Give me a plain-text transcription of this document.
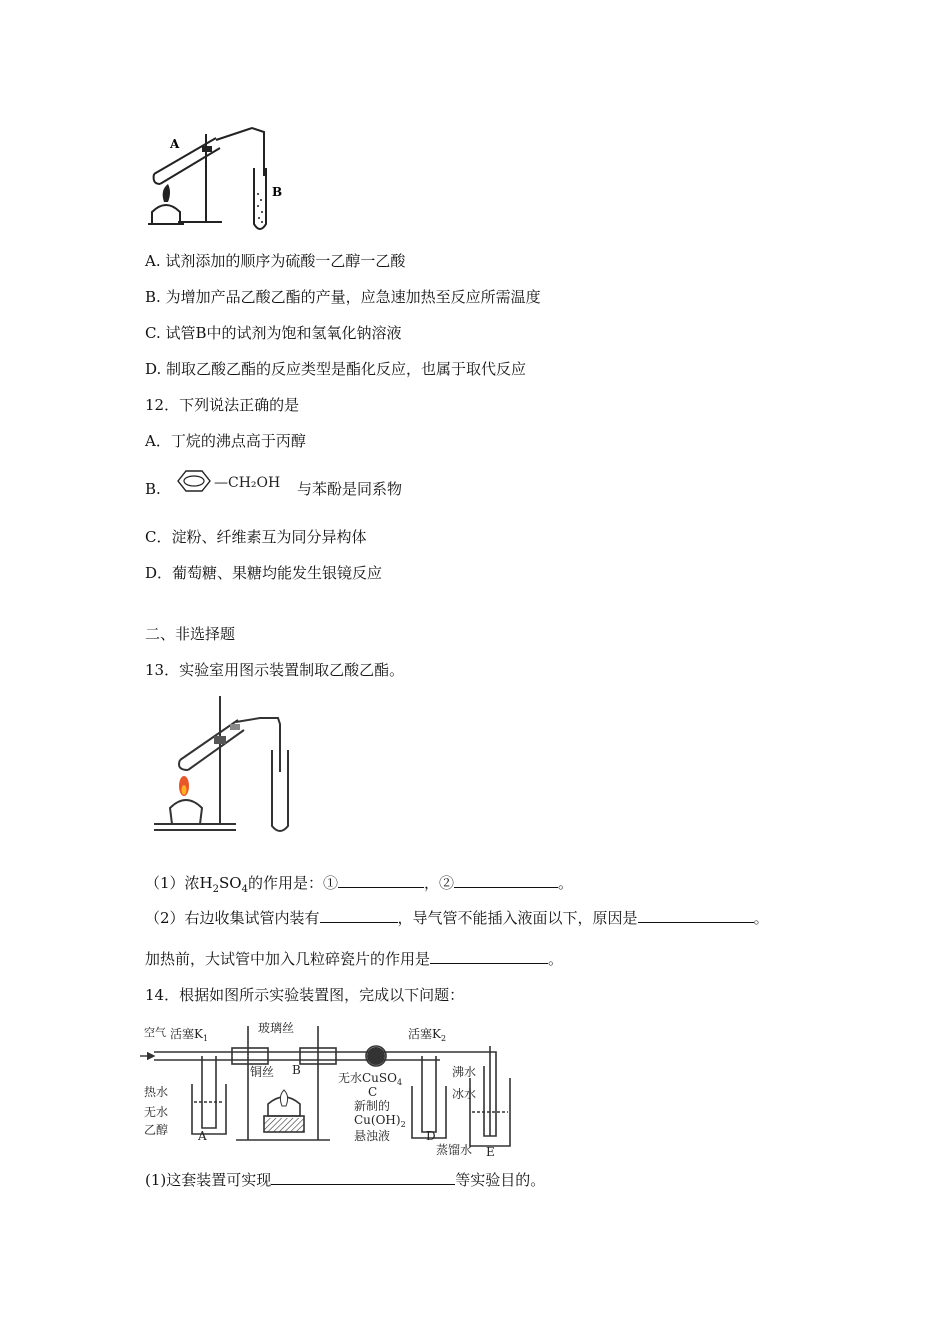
A
B
A. 试剂添加的顺序为硫酸一乙醇一乙酸
B. 为增加产品乙酸乙酯的产量，应急速加热至反应所需温度
C. 试管B中的试剂为饱和氢氧化钠溶液
D. 制取乙酸乙酯的反应类型是酯化反应，也属于取代反应
12．下列说法正确的是
A．丁烷的沸点高于丙醇
B.	—CH₂OH 与苯酚是同系物
C．淀粉、纤维素互为同分异构体
D．葡萄糖、果糖均能发生银镜反应
二、非选择题
13．实验室用图示装置制取乙酸乙酯。
（1）浓$H_2SO_4$的作用是：①	，②	。
（2）右边收集试管内装有	，导气管不能插入液面以下，原因是	。
加热前，大试管中加入几粒碎瓷片的作用是	。
14．根据如图所示实验装置图，完成以下问题：
空气 活塞$K_1$
玻璃丝
铜丝 B
热水
无水
乙醇 A
活塞$K_2$
无水CuSO$_4$
C
新制的
$Cu(OH)_2$
悬浊液	D
沸水
冰水
蒸馏水 E
(1)这套装置可实现	等实验目的。
